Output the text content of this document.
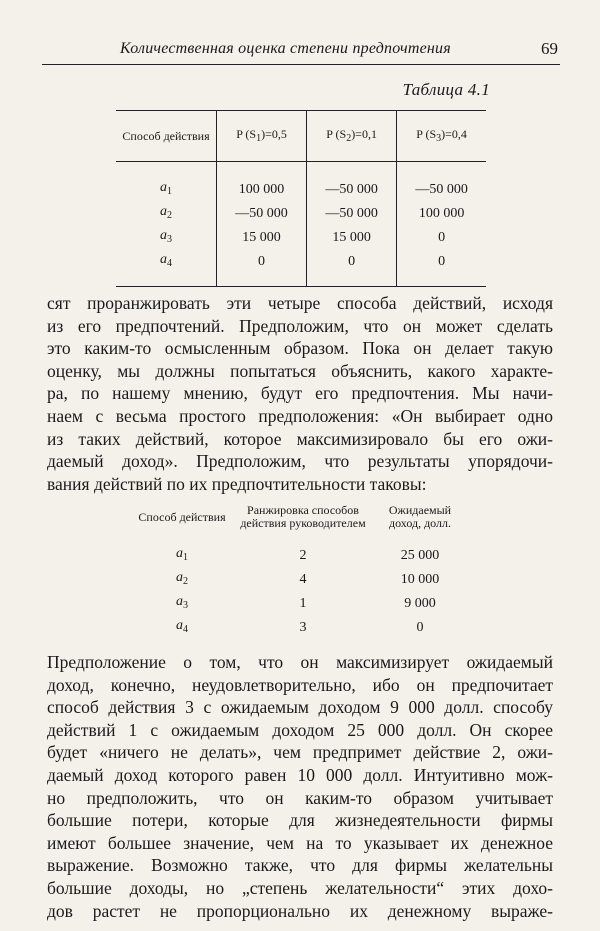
Количественная оценка степени предпочтения	69
Таблица 4.1
Способ действия	P $(S_1)=0,5$	P $(S_2)=0,1$	P $(S_3)=0,4$
$a_1$	100 000	—50 000	—50 000
$a_2$	—50 000	—50 000	100 000
$a_3$	15 000	15 000	0
$a_4$	0	0	0
сят проранжировать эти четыре способа действий, исходя
из его предпочтений. Предположим, что он может сделать
это каким-то осмысленным образом. Пока он делает такую
оценку, мы должны попытаться объяснить, какого характе-
ра, по нашему мнению, будут его предпочтения. Мы начи-
наем с весьма простого предположения: «Он выбирает одно
из таких действий, которое максимизировало бы его ожи-
даемый доход». Предположим, что результаты упорядочи-
вания действий по их предпочтительности таковы:
Способ действия	Ранжировка способов действия руководителем	Ожидаемый доход, долл.
$a_1$	2	25 000
$a_2$	4	10 000
$a_3$	1	9 000
$a_4$	3	0
Предположение о том, что он максимизирует ожидаемый
доход, конечно, неудовлетворительно, ибо он предпочитает
способ действия 3 с ожидаемым доходом 9 000 долл. способу
действий 1 с ожидаемым доходом 25 000 долл. Он скорее
будет «ничего не делать», чем предпримет действие 2, ожи-
даемый доход которого равен 10 000 долл. Интуитивно мож-
но предположить, что он каким-то образом учитывает
большие потери, которые для жизнедеятельности фирмы
имеют большее значение, чем на то указывает их денежное
выражение. Возможно также, что для фирмы желательны
большие доходы, но „степень желательности“ этих дохо-
дов растет не пропорционально их денежному выраже-
